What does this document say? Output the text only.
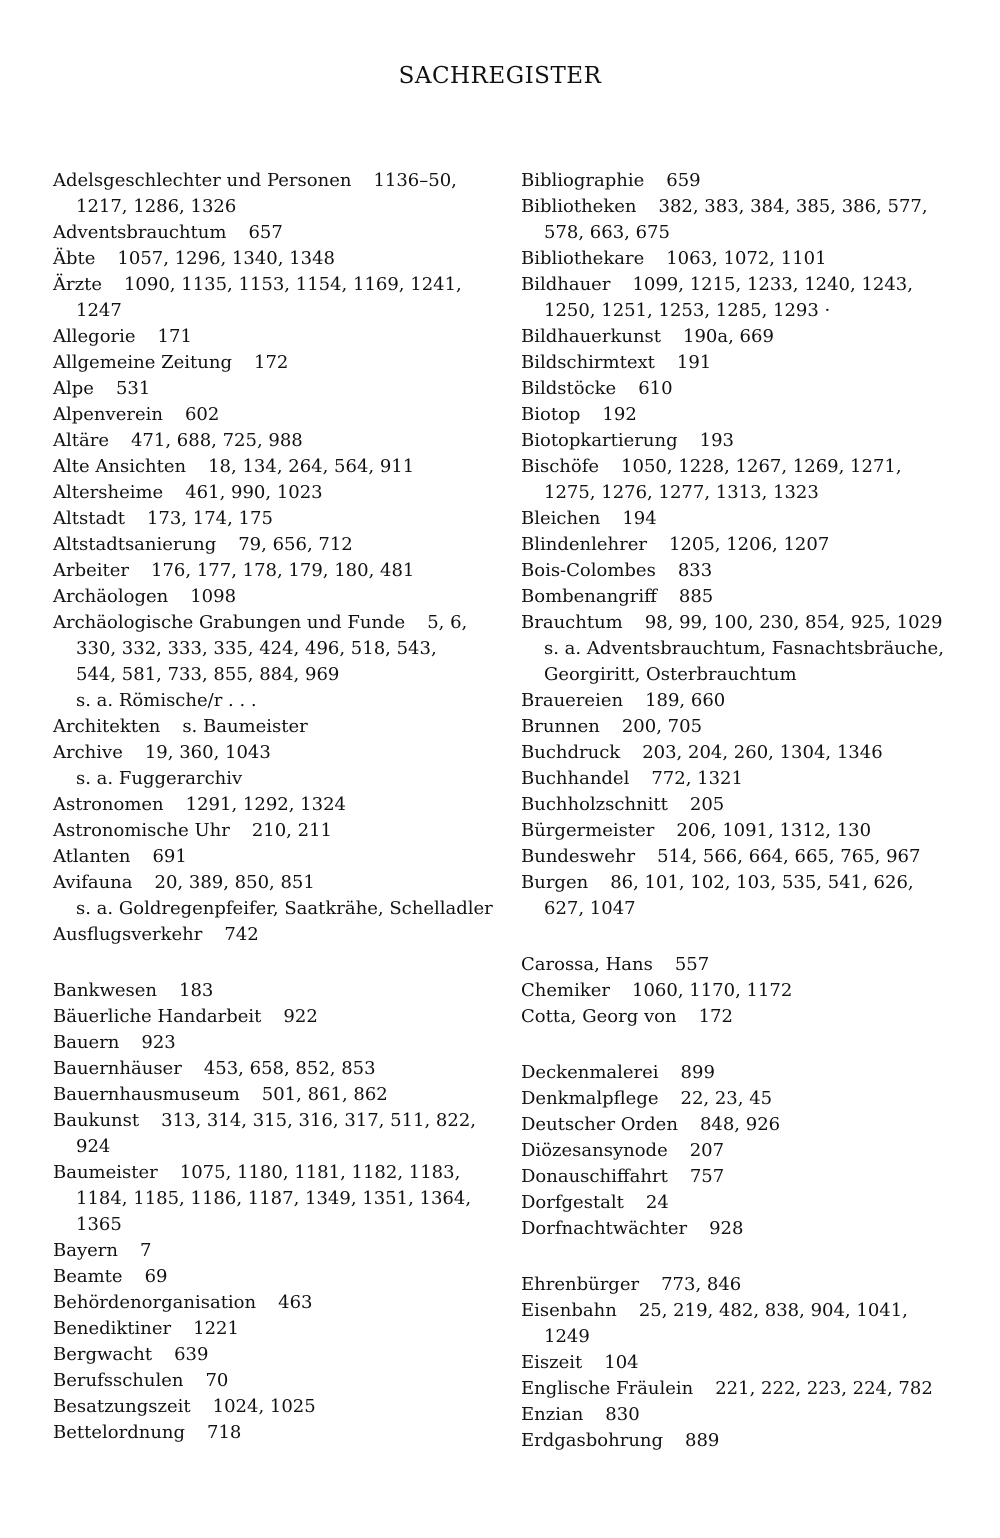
SACHREGISTER
Adelsgeschlechter und Personen 1136–50,
1217, 1286, 1326
Adventsbrauchtum 657
Äbte 1057, 1296, 1340, 1348
Ärzte 1090, 1135, 1153, 1154, 1169, 1241,
1247
Allegorie 171
Allgemeine Zeitung 172
Alpe 531
Alpenverein 602
Altäre 471, 688, 725, 988
Alte Ansichten 18, 134, 264, 564, 911
Altersheime 461, 990, 1023
Altstadt 173, 174, 175
Altstadtsanierung 79, 656, 712
Arbeiter 176, 177, 178, 179, 180, 481
Archäologen 1098
Archäologische Grabungen und Funde 5, 6,
330, 332, 333, 335, 424, 496, 518, 543,
544, 581, 733, 855, 884, 969
s. a. Römische/r . . .
Architekten s. Baumeister
Archive 19, 360, 1043
s. a. Fuggerarchiv
Astronomen 1291, 1292, 1324
Astronomische Uhr 210, 211
Atlanten 691
Avifauna 20, 389, 850, 851
s. a. Goldregenpfeifer, Saatkrähe, Schelladler
Ausflugsverkehr 742
Bankwesen 183
Bäuerliche Handarbeit 922
Bauern 923
Bauernhäuser 453, 658, 852, 853
Bauernhausmuseum 501, 861, 862
Baukunst 313, 314, 315, 316, 317, 511, 822,
924
Baumeister 1075, 1180, 1181, 1182, 1183,
1184, 1185, 1186, 1187, 1349, 1351, 1364,
1365
Bayern 7
Beamte 69
Behördenorganisation 463
Benediktiner 1221
Bergwacht 639
Berufsschulen 70
Besatzungszeit 1024, 1025
Bettelordnung 718
Bibliographie 659
Bibliotheken 382, 383, 384, 385, 386, 577,
578, 663, 675
Bibliothekare 1063, 1072, 1101
Bildhauer 1099, 1215, 1233, 1240, 1243,
1250, 1251, 1253, 1285, 1293 ·
Bildhauerkunst 190a, 669
Bildschirmtext 191
Bildstöcke 610
Biotop 192
Biotopkartierung 193
Bischöfe 1050, 1228, 1267, 1269, 1271,
1275, 1276, 1277, 1313, 1323
Bleichen 194
Blindenlehrer 1205, 1206, 1207
Bois-Colombes 833
Bombenangriff 885
Brauchtum 98, 99, 100, 230, 854, 925, 1029
s. a. Adventsbrauchtum, Fasnachtsbräuche,
Georgiritt, Osterbrauchtum
Brauereien 189, 660
Brunnen 200, 705
Buchdruck 203, 204, 260, 1304, 1346
Buchhandel 772, 1321
Buchholzschnitt 205
Bürgermeister 206, 1091, 1312, 130
Bundeswehr 514, 566, 664, 665, 765, 967
Burgen 86, 101, 102, 103, 535, 541, 626,
627, 1047
Carossa, Hans 557
Chemiker 1060, 1170, 1172
Cotta, Georg von 172
Deckenmalerei 899
Denkmalpflege 22, 23, 45
Deutscher Orden 848, 926
Diözesansynode 207
Donauschiffahrt 757
Dorfgestalt 24
Dorfnachtwächter 928
Ehrenbürger 773, 846
Eisenbahn 25, 219, 482, 838, 904, 1041,
1249
Eiszeit 104
Englische Fräulein 221, 222, 223, 224, 782
Enzian 830
Erdgasbohrung 889
